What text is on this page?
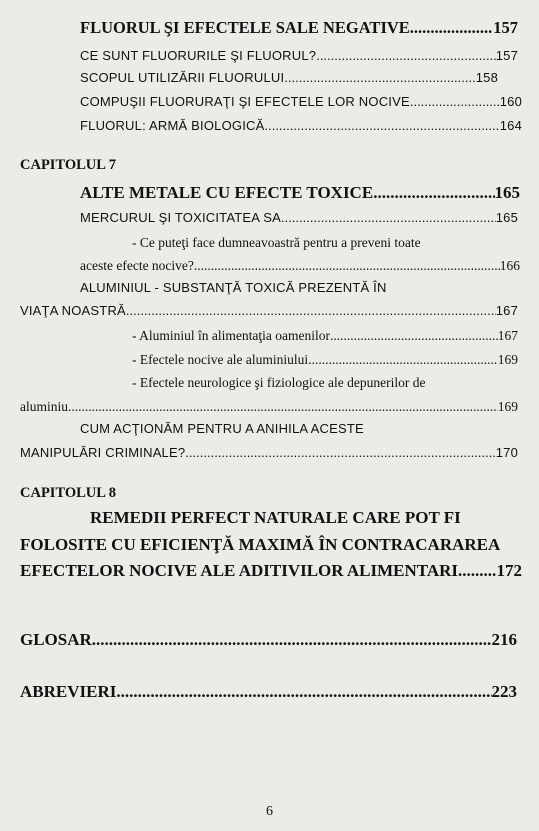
FLUORUL ŞI EFECTELE SALE NEGATIVE .....	157
CE SUNT FLUORURILE ŞI FLUORUL? .....	157
SCOPUL UTILIZĂRII FLUORULUI .....	158
COMPUŞII FLUORURAŢI ŞI EFECTELE LOR NOCIVE .....	160
FLUORUL: ARMĂ BIOLOGICĂ .....	164
CAPITOLUL 7
ALTE METALE CU EFECTE TOXICE .....	165
MERCURUL ŞI TOXICITATEA SA .....	165
- Ce puteţi face dumneavoastră pentru a preveni toate
aceste efecte nocive? .....	166
ALUMINIUL - SUBSTANŢĂ TOXICĂ PREZENTĂ ÎN
VIAŢA NOASTRĂ .....	167
- Aluminiul în alimentaţia oamenilor .....	167
- Efectele nocive ale aluminiului .....	169
- Efectele neurologice şi fiziologice ale depunerilor de
aluminiu .....	169
CUM ACŢIONĂM PENTRU A ANIHILA ACESTE
MANIPULĂRI CRIMINALE? .....	170
CAPITOLUL 8
REMEDII PERFECT NATURALE CARE POT FI
FOLOSITE CU EFICIENŢĂ MAXIMĂ ÎN CONTRACARAREA
EFECTELOR NOCIVE ALE ADITIVILOR ALIMENTARI ..... 172
GLOSAR .....	216
ABREVIERI .....	223
6
